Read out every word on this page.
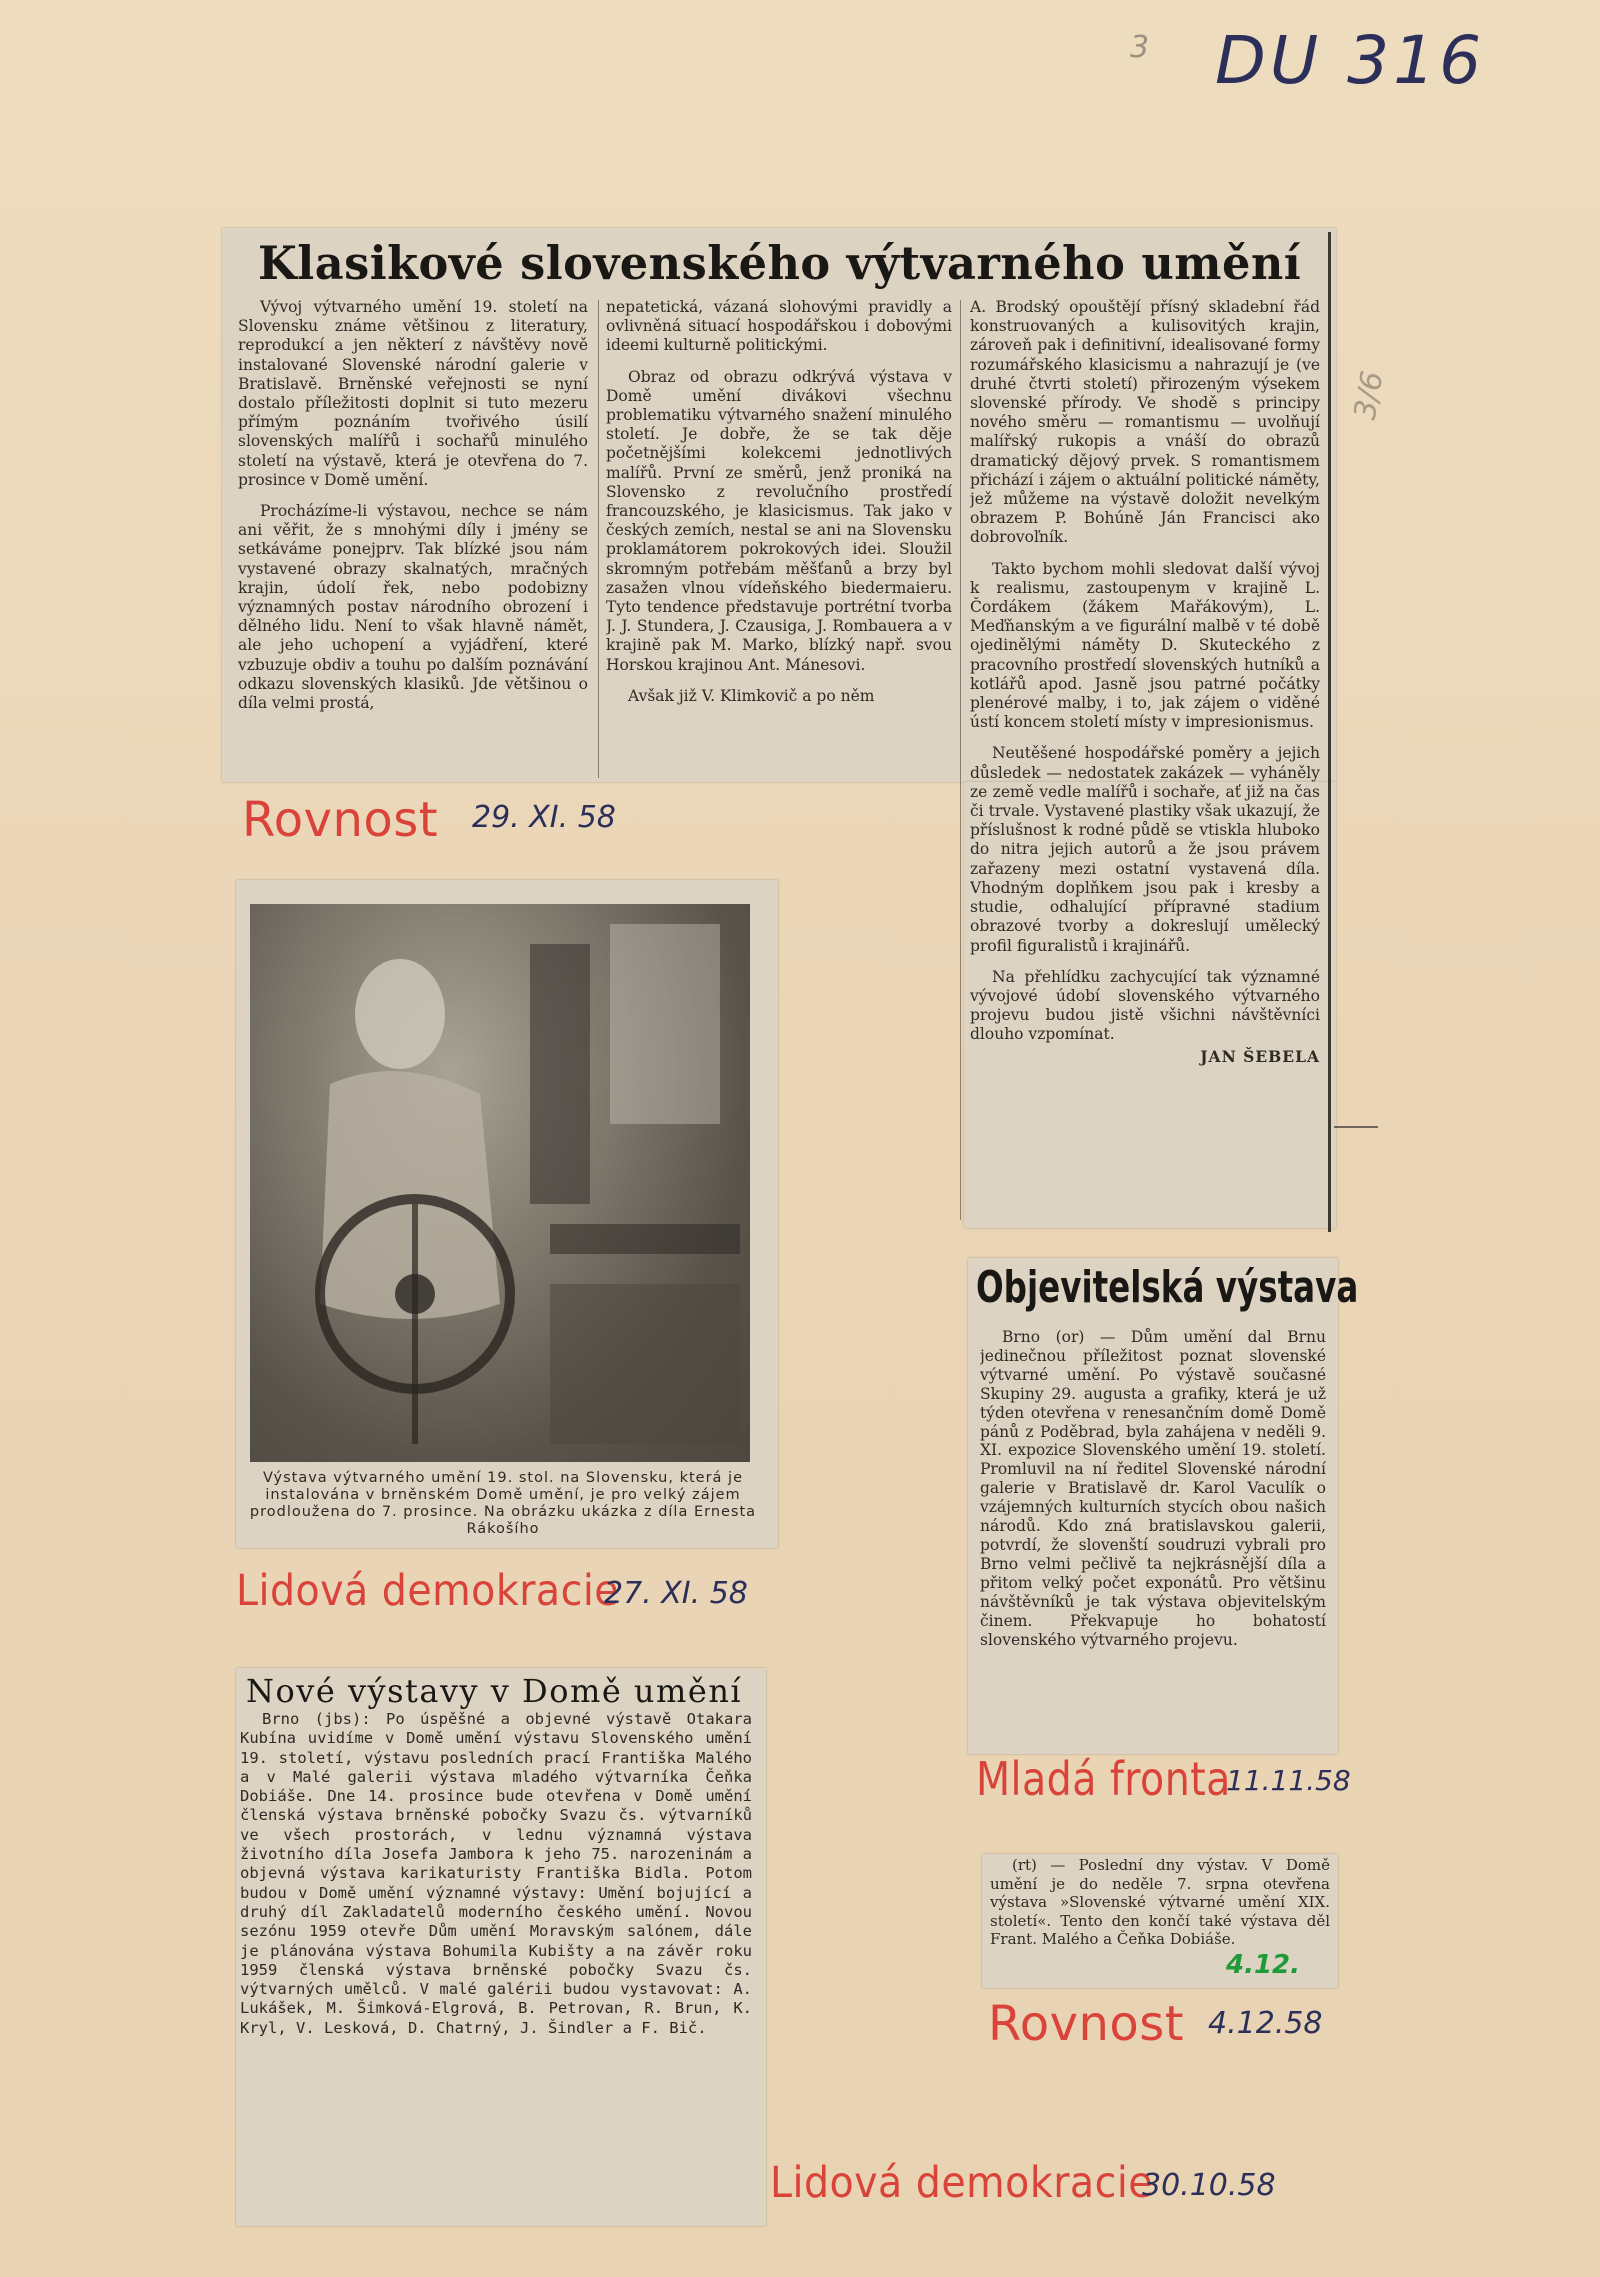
3 DU 316
3/6
Klasikové slovenského výtvarného umění

Vývoj výtvarného umění 19. století na Slovensku známe většinou z literatury, reprodukcí a jen některí z návštěvy nově instalované Slovenské národní galerie v Bratislavě. Brněnské veřejnosti se nyní dostalo příležitosti doplnit si tuto mezeru přímým poznáním tvořivého úsilí slovenských malířů i sochařů minulého století na výstavě, která je otevřena do 7. prosince v Domě umění.

Procházíme-li výstavou, nechce se nám ani věřit, že s mnohými díly i jmény se setkáváme ponejprv. Tak blízké jsou nám vystavené obrazy skalnatých, mračných krajin, údolí řek, nebo podobizny významných postav národního obrození i dělného lidu. Není to však hlavně námět, ale jeho uchopení a vyjádření, které vzbuzuje obdiv a touhu po dalším poznávání odkazu slovenských klasiků. Jde většinou o díla velmi prostá,

nepatetická, vázaná slohovými pravidly a ovlivněná situací hospodářskou i dobovými ideemi kulturně politickými.

Obraz od obrazu odkrývá výstava v Domě umění divákovi všechnu problematiku výtvarného snažení minulého století. Je dobře, že se tak děje početnějšími kolekcemi jednotlivých malířů. První ze směrů, jenž proniká na Slovensko z revolučního prostředí francouzského, je klasicismus. Tak jako v českých zemích, nestal se ani na Slovensku proklamátorem pokrokových idei. Sloužil skromným potřebám měšťanů a brzy byl zasažen vlnou vídeňského biedermaieru. Tyto tendence představuje portrétní tvorba J. J. Stundera, J. Czausiga, J. Rombauera a v krajině pak M. Marko, blízký např. svou Horskou krajinou Ant. Mánesovi.

Avšak již V. Klimkovič a po něm

A. Brodský opouštějí přísný skladební řád konstruovaných a kulisovitých krajin, zároveň pak i definitivní, idealisované formy rozumářského klasicismu a nahrazují je (ve druhé čtvrti století) přirozeným výsekem slovenské přírody. Ve shodě s principy nového směru — romantismu — uvolňují malířský rukopis a vnáší do obrazů dramatický dějový prvek. S romantismem přichází i zájem o aktuální politické náměty, jež můžeme na výstavě doložit nevelkým obrazem P. Bohúně Ján Francisci ako dobrovoľník.

Takto bychom mohli sledovat další vývoj k realismu, zastoupenym v krajině L. Čordákem (žákem Mařákovým), L. Meďňanským a ve figurální malbě v té době ojedinělými náměty D. Skuteckého z pracovního prostředí slovenských hutníků a kotlářů apod. Jasně jsou patrné počátky plenérové malby, i to, jak zájem o viděné ústí koncem století místy v impresionismus.

Neutěšené hospodářské poměry a jejich důsledek — nedostatek zakázek — vyháněly ze země vedle malířů i sochaře, ať již na čas či trvale. Vystavené plastiky však ukazují, že příslušnost k rodné půdě se vtiskla hluboko do nitra jejich autorů a že jsou právem zařazeny mezi ostatní vystavená díla. Vhodným doplňkem jsou pak i kresby a studie, odhalující přípravné stadium obrazové tvorby a dokreslují umělecký profil figuralistů i krajinářů.

Na přehlídku zachycující tak významné vývojové údobí slovenského výtvarného projevu budou jistě všichni návštěvníci dlouho vzpomínat.

JAN ŠEBELA

Rovnost 29. XI. 58
Výstava výtvarného umění 19. stol. na Slovensku, která je instalována v brněnském Domě umění, je pro velký zájem prodloužena do 7. prosince. Na obrázku ukázka z díla Ernesta Rákošího
Lidová demokracie
27. XI. 58
Nové výstavy v Domě umění

Brno (jbs): Po úspěšné a objevné výstavě Otakara Kubína uvidíme v Domě umění výstavu Slovenského umění 19. století, výstavu posledních prací Františka Malého a v Malé galerii výstava mladého výtvarníka Čeňka Dobiáše. Dne 14. prosince bude otevřena v Domě umění členská výstava brněnské pobočky Svazu čs. výtvarníků ve všech prostorách, v lednu významná výstava životního díla Josefa Jambora k jeho 75. narozeninám a objevná výstava karikaturisty Františka Bidla. Potom budou v Domě umění významné výstavy: Umění bojující a druhý díl Zakladatelů moderního českého umění. Novou sezónu 1959 otevře Dům umění Moravským salónem, dále je plánována výstava Bohumila Kubišty a na závěr roku 1959 členská výstava brněnské pobočky Svazu čs. výtvarných umělců. V malé galérii budou vystavovat: A. Lukášek, M. Šimková-Elgrová, B. Petrovan, R. Brun, K. Kryl, V. Lesková, D. Chatrný, J. Šindler a F. Bič.

Lidová demokracie
30.10.58
Objevitelská výstava

Brno (or) — Dům umění dal Brnu jedinečnou příležitost poznat slovenské výtvarné umění. Po výstavě současné Skupiny 29. augusta a grafiky, která je už týden otevřena v renesančním domě Domě pánů z Poděbrad, byla zahájena v neděli 9. XI. expozice Slovenského umění 19. století. Promluvil na ní ředitel Slovenské národní galerie v Bratislavě dr. Karol Vaculík o vzájemných kulturních stycích obou našich národů. Kdo zná bratislavskou galerii, potvrdí, že slovenští soudruzi vybrali pro Brno velmi pečlivě ta nejkrásnější díla a přitom velký počet exponátů. Pro většinu návštěvníků je tak výstava objevitelským činem. Překvapuje ho bohatostí slovenského výtvarného projevu.

Mladá fronta
11.11.58

(rt) — Poslední dny výstav. V Domě umění je do neděle 7. srpna otevřena výstava »Slovenské výtvarné umění XIX. století«. Tento den končí také výstava děl Frant. Malého a Čeňka Dobiáše.

4.12.
Rovnost 4.12.58
